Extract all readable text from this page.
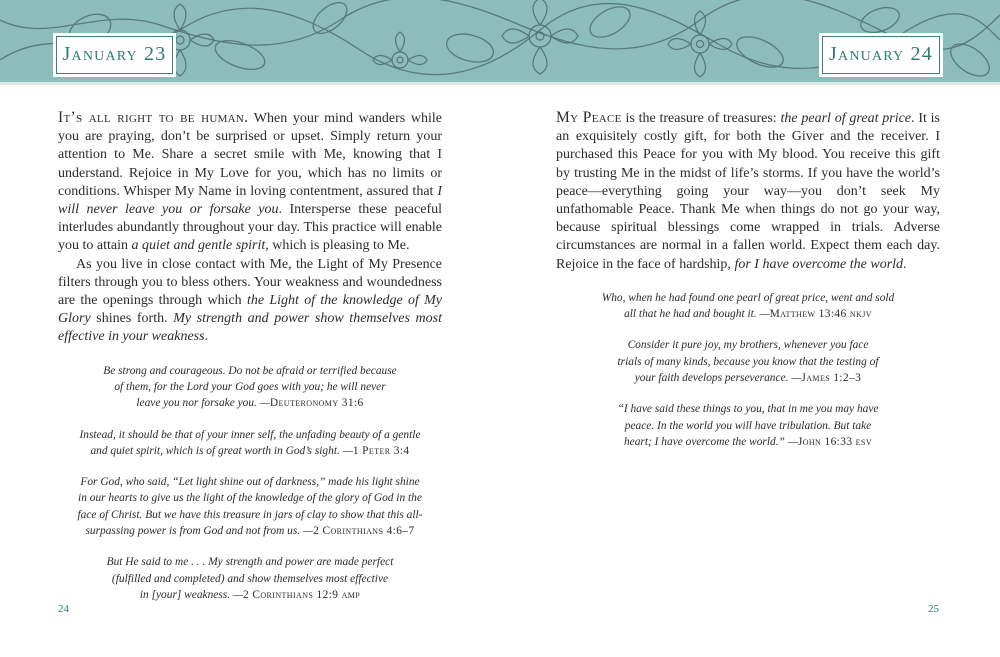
January 23	January 24

It’s all right to be human. When your mind wanders while you are praying, don’t be surprised or upset. Simply return your attention to Me. Share a secret smile with Me, knowing that I understand. Rejoice in My Love for you, which has no limits or conditions. Whisper My Name in loving contentment, assured that I will never leave you or forsake you. Intersperse these peaceful interludes abundantly throughout your day. This practice will enable you to attain a quiet and gentle spirit, which is pleasing to Me.

As you live in close contact with Me, the Light of My Presence filters through you to bless others. Your weakness and woundedness are the openings through which the Light of the knowledge of My Glory shines forth. My strength and power show themselves most effective in your weakness.

Be strong and courageous. Do not be afraid or terrified because
of them, for the Lord your God goes with you; he will never
leave you nor forsake you. —Deuteronomy 31:6

Instead, it should be that of your inner self, the unfading beauty of a gentle
and quiet spirit, which is of great worth in God’s sight. —1 Peter 3:4

For God, who said, “Let light shine out of darkness,” made his light shine
in our hearts to give us the light of the knowledge of the glory of God in the
face of Christ. But we have this treasure in jars of clay to show that this all-
surpassing power is from God and not from us. —2 Corinthians 4:6–7

But He said to me . . . My strength and power are made perfect
(fulfilled and completed) and show themselves most effective
in [your] weakness. —2 Corinthians 12:9 amp

My Peace is the treasure of treasures: the pearl of great price. It is an exquisitely costly gift, for both the Giver and the receiver. I purchased this Peace for you with My blood. You receive this gift by trusting Me in the midst of life’s storms. If you have the world’s peace—everything going your way—you don’t seek My unfathomable Peace. Thank Me when things do not go your way, because spiritual blessings come wrapped in trials. Adverse circumstances are normal in a fallen world. Expect them each day. Rejoice in the face of hardship, for I have overcome the world.

Who, when he had found one pearl of great price, went and sold
all that he had and bought it. —Matthew 13:46 nkjv

Consider it pure joy, my brothers, whenever you face
trials of many kinds, because you know that the testing of
your faith develops perseverance. —James 1:2–3

“I have said these things to you, that in me you may have
peace. In the world you will have tribulation. But take
heart; I have overcome the world.” —John 16:33 esv

24	25
